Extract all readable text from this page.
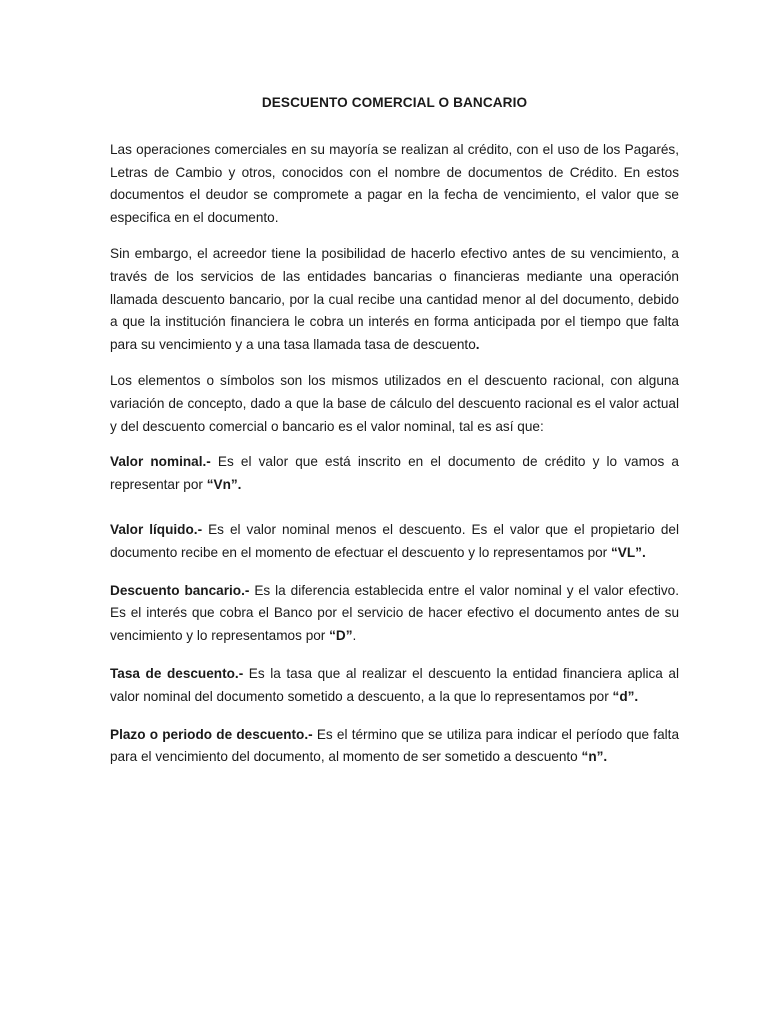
DESCUENTO COMERCIAL O BANCARIO

Las operaciones comerciales en su mayoría se realizan al crédito, con el uso de los Pagarés, Letras de Cambio y otros, conocidos con el nombre de documentos de Crédito. En estos documentos el deudor se compromete a pagar en la fecha de vencimiento, el valor que se especifica en el documento.

Sin embargo, el acreedor tiene la posibilidad de hacerlo efectivo antes de su vencimiento, a través de los servicios de las entidades bancarias o financieras mediante una operación llamada descuento bancario, por la cual recibe una cantidad menor al del documento, debido a que la institución financiera le cobra un interés en forma anticipada por el tiempo que falta para su vencimiento y a una tasa llamada tasa de descuento.

Los elementos o símbolos son los mismos utilizados en el descuento racional, con alguna variación de concepto, dado a que la base de cálculo del descuento racional es el valor actual y del descuento comercial o bancario es el valor nominal, tal es así que:

Valor nominal.- Es el valor que está inscrito en el documento de crédito y lo vamos a representar por “Vn”.

Valor líquido.- Es el valor nominal menos el descuento. Es el valor que el propietario del documento recibe en el momento de efectuar el descuento y lo representamos por “VL”.

Descuento bancario.- Es la diferencia establecida entre el valor nominal y el valor efectivo. Es el interés que cobra el Banco por el servicio de hacer efectivo el documento antes de su vencimiento y lo representamos por “D”.

Tasa de descuento.- Es la tasa que al realizar el descuento la entidad financiera aplica al valor nominal del documento sometido a descuento, a la que lo representamos por “d”.

Plazo o periodo de descuento.- Es el término que se utiliza para indicar el período que falta para el vencimiento del documento, al momento de ser sometido a descuento “n”.
